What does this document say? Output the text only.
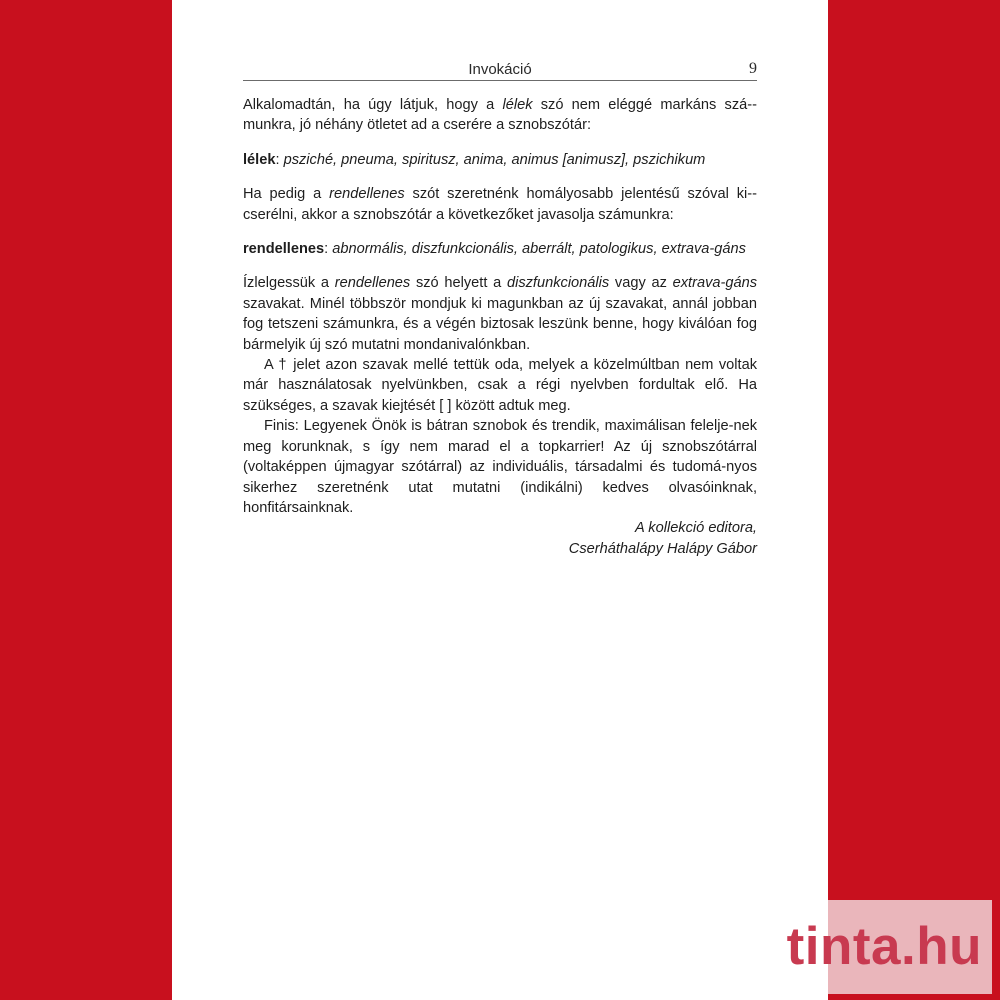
Invokáció	9

Alkalomadtán, ha úgy látjuk, hogy a lélek szó nem eléggé markáns szá-munkra, jó néhány ötletet ad a cserére a sznobszótár:

lélek: psziché, pneuma, spiritusz, anima, animus [animusz], pszichikum

Ha pedig a rendellenes szót szeretnénk homályosabb jelentésű szóval ki-cserélni, akkor a sznobszótár a következőket javasolja számunkra:

rendellenes: abnormális, diszfunkcionális, aberrált, patologikus, extrava-gáns

Ízlelgessük a rendellenes szó helyett a diszfunkcionális vagy az extrava-gáns szavakat. Minél többször mondjuk ki magunkban az új szavakat, annál jobban fog tetszeni számunkra, és a végén biztosak leszünk benne, hogy kiválóan fog bármelyik új szó mutatni mondanivalónkban.

A † jelet azon szavak mellé tettük oda, melyek a közelmúltban nem voltak már használatosak nyelvünkben, csak a régi nyelvben fordultak elő. Ha szükséges, a szavak kiejtését [ ] között adtuk meg.

Finis: Legyenek Önök is bátran sznobok és trendik, maximálisan felelje-nek meg korunknak, s így nem marad el a topkarrier! Az új sznobszótárral (voltaképpen újmagyar szótárral) az individuális, társadalmi és tudomá-nyos sikerhez szeretnénk utat mutatni (indikálni) kedves olvasóinknak, honfitársainknak.

A kollekció editora,

Cserháthalápy Halápy Gábor

tinta.hu
